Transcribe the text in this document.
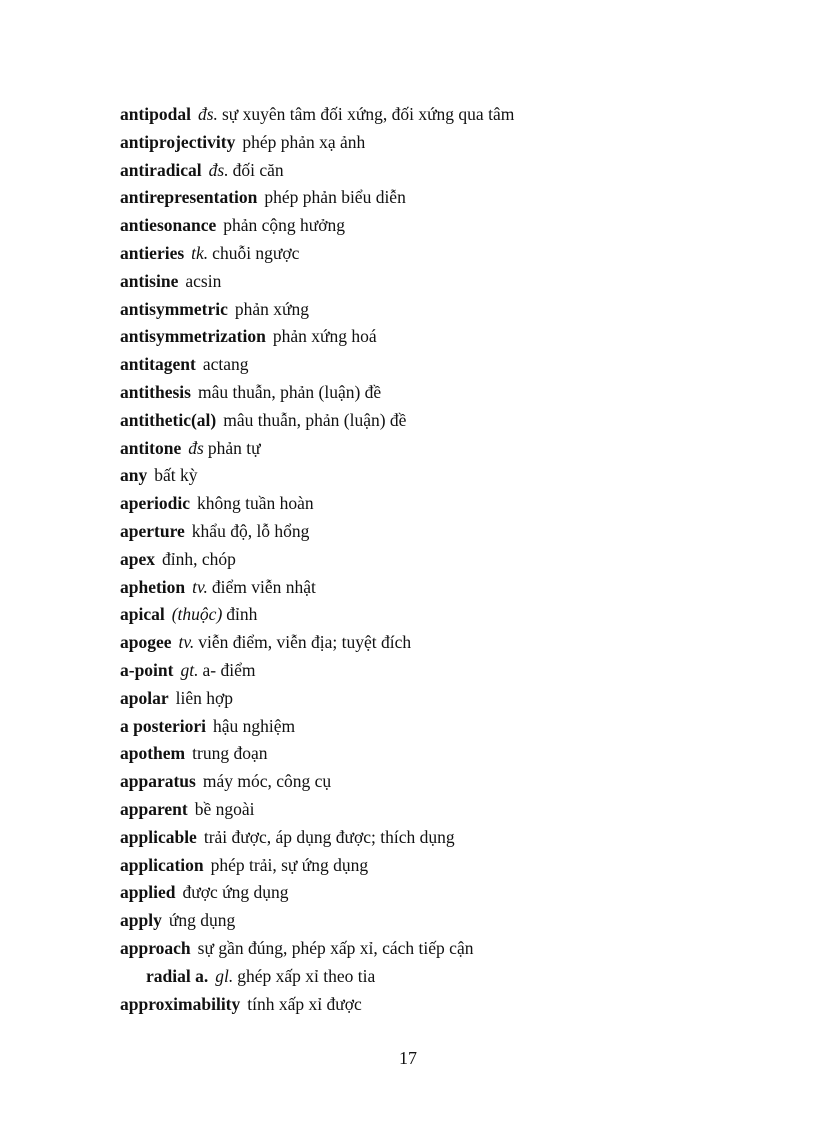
antipodal đs. sự xuyên tâm đối xứng, đối xứng qua tâm
antiprojectivity phép phản xạ ảnh
antiradical đs. đối căn
antirepresentation phép phản biểu diễn
antiesonance phản cộng hưởng
antieries tk. chuỗi ngược
antisine acsin
antisymmetric phản xứng
antisymmetrization phản xứng hoá
antitagent actang
antithesis mâu thuẫn, phản (luận) đề
antithetic(al) mâu thuẫn, phản (luận) đề
antitone đs phản tự
any bất kỳ
aperiodic không tuần hoàn
aperture khẩu độ, lỗ hổng
apex đỉnh, chóp
aphetion tv. điểm viễn nhật
apical (thuộc) đỉnh
apogee tv. viễn điểm, viễn địa; tuyệt đích
a-point gt. a- điểm
apolar liên hợp
a posteriori hậu nghiệm
apothem trung đoạn
apparatus máy móc, công cụ
apparent bề ngoài
applicable trải được, áp dụng được; thích dụng
application phép trải, sự ứng dụng
applied được ứng dụng
apply ứng dụng
approach sự gần đúng, phép xấp xỉ, cách tiếp cận
radial a. gl. ghép xấp xỉ theo tia
approximability tính xấp xỉ được
17
